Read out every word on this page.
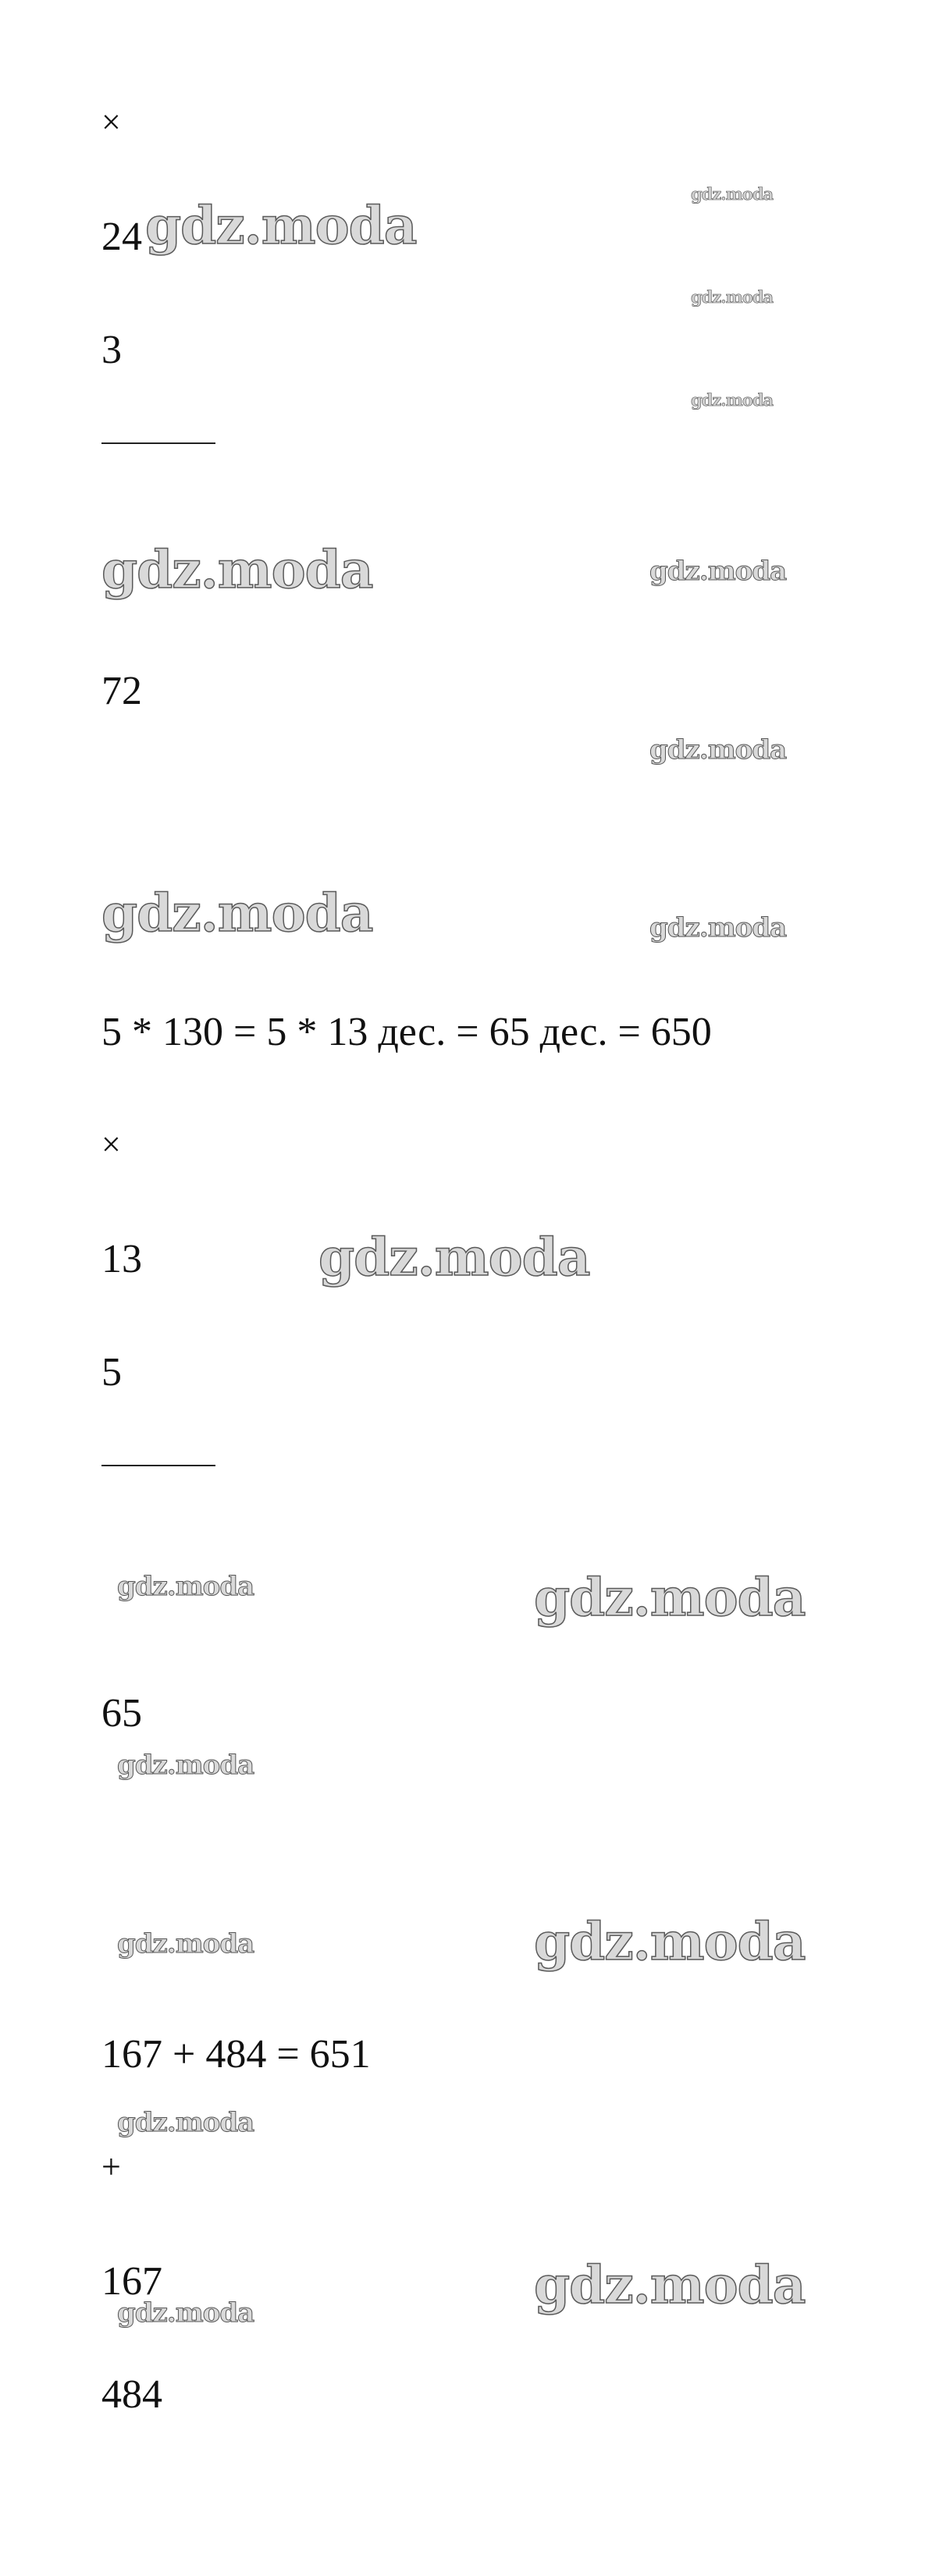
×
24
3
72
5 * 130 = 5 * 13 дес. = 65 дес. = 650
×
13
5
65
167 + 484 = 651
+
167
484
gdz.moda
gdz.moda
gdz.moda
gdz.moda
gdz.moda	gdz.moda
gdz.moda
gdz.moda	gdz.moda
gdz.moda
gdz.moda	gdz.moda
gdz.moda
gdz.moda	gdz.moda
gdz.moda
gdz.moda
gdz.moda
